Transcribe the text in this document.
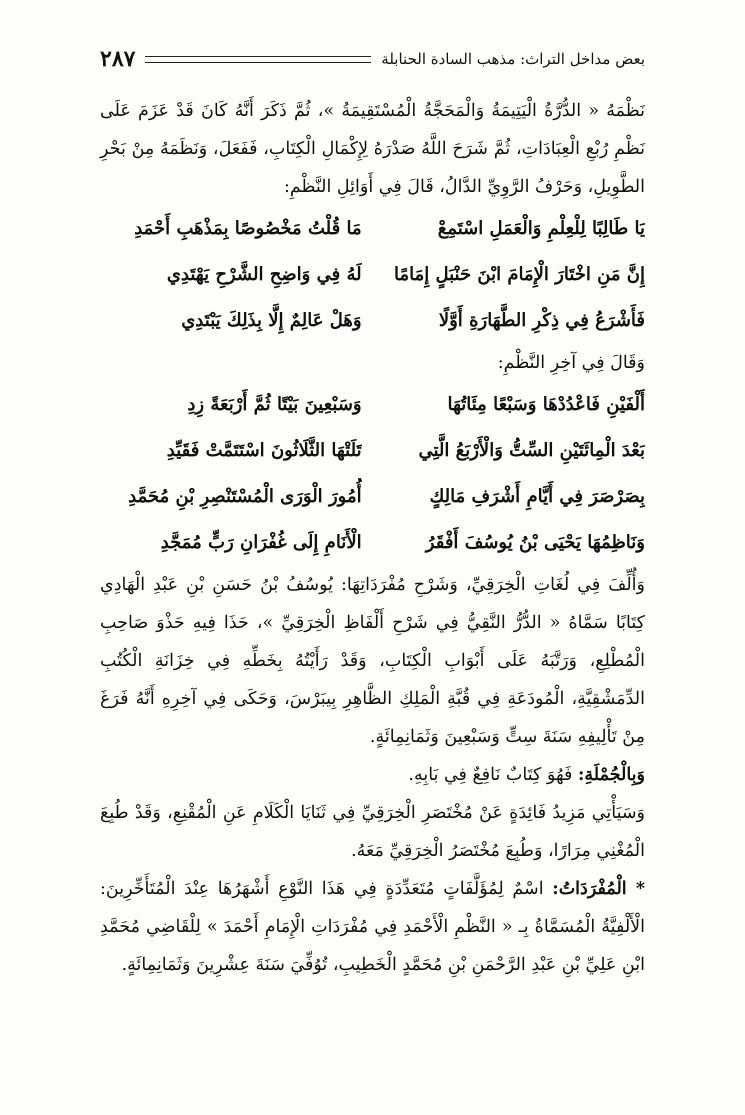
بعض مداخل التراث: مذهب السادة الحنابلة
٢٨٧

نَظْمَهُ « الدُّرَّةُ الْيَتِيمَةُ وَالْمَحَجَّةُ الْمُسْتَقِيمَةُ »، ثُمَّ ذَكَرَ أَنَّهُ كَانَ قَدْ عَزَمَ عَلَى نَظْمِ رُبْعِ الْعِبَادَاتِ، ثُمَّ شَرَحَ اللَّهُ صَدْرَهُ لِإِكْمَالِ الْكِتَابِ، فَفَعَلَ، وَنَظَمَهُ مِنْ بَحْرِ الطَّوِيلِ، وَحَرْفُ الرَّوِيِّ الدَّالُ، قَالَ فِي أَوَائِلِ النَّظْمِ:

يَا طَالِبًا لِلْعِلْمِ وَالْعَمَلِ اسْتَمِعْ
مَا قُلْتُ مَخْصُوصًا بِمَذْهَبِ أَحْمَدِ
إِنَّ مَنِ اخْتَارَ الْإِمَامَ ابْنَ حَنْبَلٍ إِمَامًا
لَهُ فِي وَاضِحِ الشَّرْحِ يَهْتَدِي
فَأَشْرَعُ فِي ذِكْرِ الطَّهَارَةِ أَوَّلًا
وَهَلْ عَالِمٌ إِلَّا بِذَلِكَ يَبْتَدِي

وَقَالَ فِي آخِرِ النَّظْمِ:

أَلْفَيْنِ فَاعْدُدْهَا وَسَبْعًا مِئَاتُهَا
وَسَبْعِينَ بَيْتًا ثُمَّ أَرْبَعَةً زِدِ
بَعْدَ الْمِائَتَيْنِ السِّتُّ وَالْأَرْبَعُ الَّتِي
تَلَتْهَا الثَّلَاثُونَ اسْتَتَمَّتْ فَقَيِّدِ
بِصَرْصَرَ فِي أَيَّامِ أَشْرَفِ مَالِكٍ
أُمُورَ الْوَرَى الْمُسْتَنْصِرِ بْنِ مُحَمَّدِ
وَنَاظِمُهَا يَحْيَى بْنُ يُوسُفَ أَفْقَرُ
الْأَنَامِ إِلَى غُفْرَانِ رَبٍّ مُمَجَّدِ

وَأُلِّفَ فِي لُغَاتِ الْخِرَقِيِّ، وَشَرْحِ مُفْرَدَاتِهَا: يُوسُفُ بْنُ حَسَنِ بْنِ عَبْدِ الْهَادِي كِتَابًا سَمَّاهُ « الدُّرُّ النَّقِيُّ فِي شَرْحِ أَلْفَاظِ الْخِرَقِيِّ »، حَذَا فِيهِ حَذْوَ صَاحِبِ الْمُطْلِعِ، وَرَتَّبَهُ عَلَى أَبْوَابِ الْكِتَابِ، وَقَدْ رَأَيْتُهُ بِخَطِّهِ فِي خِزَانَةِ الْكُتُبِ الدِّمَشْقِيَّةِ، الْمُودَعَةِ فِي قُبَّةِ الْمَلِكِ الظَّاهِرِ بِيبَرْسَ، وَحَكَى فِي آخِرِهِ أَنَّهُ فَرَغَ مِنْ تَأْلِيفِهِ سَنَةَ سِتٍّ وَسَبْعِينَ وَثَمَانِمِائَةٍ.

وَبِالْجُمْلَةِ: فَهُوَ كِتَابٌ نَافِعٌ فِي بَابِهِ.

وَسَيَأْتِي مَزِيدُ فَائِدَةٍ عَنْ مُخْتَصَرِ الْخِرَقِيِّ فِي ثَنَايَا الْكَلَامِ عَنِ الْمُقْنِعِ، وَقَدْ طُبِعَ الْمُغْنِي مِرَارًا، وَطُبِعَ مُخْتَصَرُ الْخِرَقِيِّ مَعَهُ.

* الْمُفْرَدَاتُ: اسْمٌ لِمُؤَلَّفَاتٍ مُتَعَدِّدَةٍ فِي هَذَا النَّوْعِ أَشْهَرُهَا عِنْدَ الْمُتَأَخِّرِينَ: الْأَلْفِيَّةُ الْمُسَمَّاةُ بِـ « النَّظْمِ الْأَحْمَدِ فِي مُفْرَدَاتِ الْإِمَامِ أَحْمَدَ » لِلْقَاضِي مُحَمَّدِ ابْنِ عَلِيِّ بْنِ عَبْدِ الرَّحْمَنِ بْنِ مُحَمَّدٍ الْخَطِيبِ، تُوُفِّيَ سَنَةَ عِشْرِينَ وَثَمَانِمِائَةٍ.
